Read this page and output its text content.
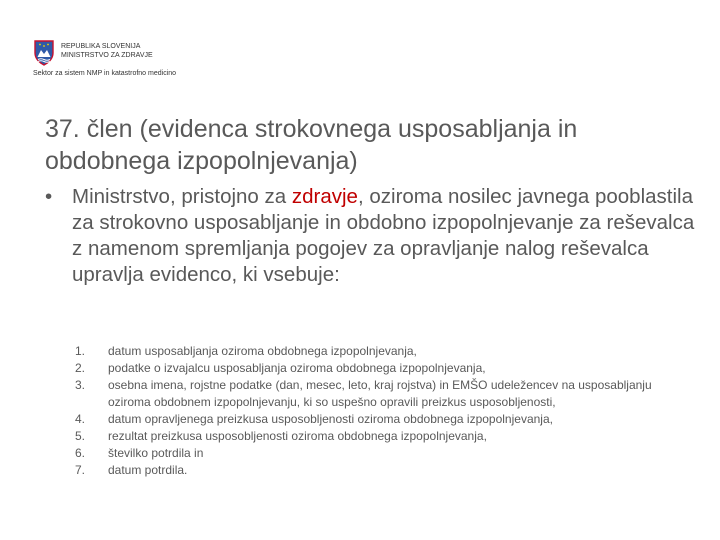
REPUBLIKA SLOVENIJA
MINISTRSTVO ZA ZDRAVJE
Sektor za sistem NMP in katastrofno medicino
37. člen (evidenca strokovnega usposabljanja in obdobnega izpopolnjevanja)
• Ministrstvo, pristojno za zdravje, oziroma nosilec javnega pooblastila za strokovno usposabljanje in obdobno izpopolnjevanje za reševalca z namenom spremljanja pogojev za opravljanje nalog reševalca upravlja evidenco, ki vsebuje:
1. datum usposabljanja oziroma obdobnega izpopolnjevanja,
2. podatke o izvajalcu usposabljanja oziroma obdobnega izpopolnjevanja,
3. osebna imena, rojstne podatke (dan, mesec, leto, kraj rojstva) in EMŠO udeležencev na usposabljanju oziroma obdobnem izpopolnjevanju, ki so uspešno opravili preizkus usposobljenosti,
4. datum opravljenega preizkusa usposobljenosti oziroma obdobnega izpopolnjevanja,
5. rezultat preizkusa usposobljenosti oziroma obdobnega izpopolnjevanja,
6. številko potrdila in
7. datum potrdila.
